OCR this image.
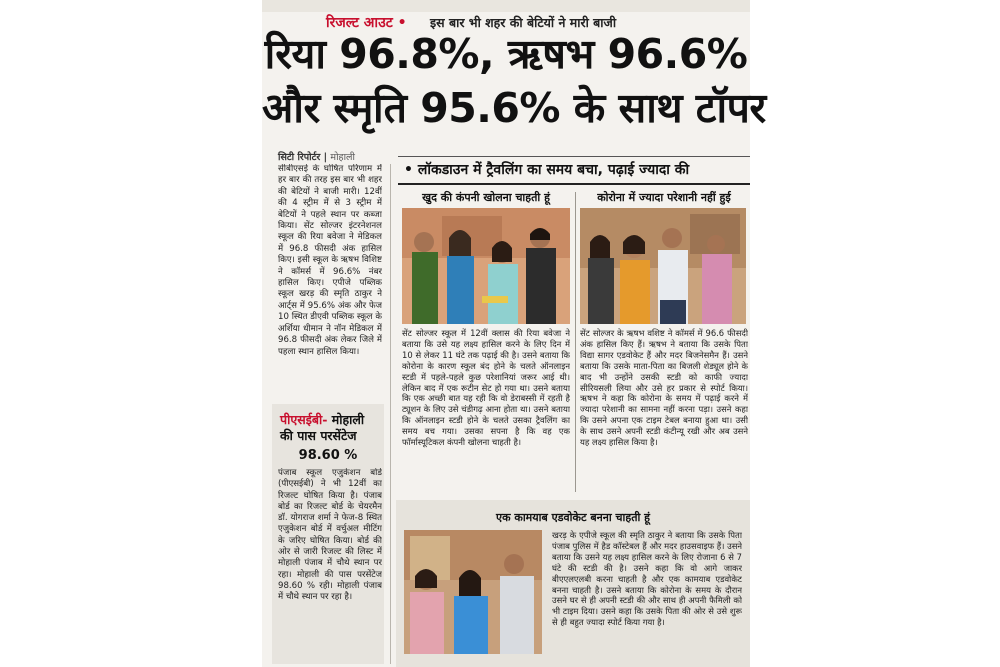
रिजल्ट आउट • इस बार भी शहर की बेटियों ने मारी बाजी
रिया 96.8%, ऋषभ 96.6%
और स्मृति 95.6% के साथ टॉपर
सिटी रिपोर्टर | मोहाली
सीबीएसई के घोषित परिणाम में हर बार की तरह इस बार भी शहर की बेटियों ने बाजी मारी। 12वीं की 4 स्ट्रीम में से 3 स्ट्रीम में बेटियों ने पहले स्थान पर कब्जा किया। सेंट सोल्जर इंटरनेशनल स्कूल की रिया बवेजा ने मेडिकल में 96.8 फीसदी अंक हासिल किए। इसी स्कूल के ऋषभ विशिष्ट ने कॉमर्स में 96.6% नंबर हासिल किए। एपीजे पब्लिक स्कूल खरड़ की स्मृति ठाकुर ने आर्ट्स में 95.6% अंक और फेज 10 स्थित डीएवी पब्लिक स्कूल के अर्शिया धीमान ने नॉन मेडिकल में 96.8 फीसदी अंक लेकर जिले में पहला स्थान हासिल किया।
पीएसईबी- मोहाली की पास परसेंटेज
98.60 %
पंजाब स्कूल एजुकेशन बोर्ड (पीएसईबी) ने भी 12वीं का रिजल्ट घोषित किया है। पंजाब बोर्ड का रिजल्ट बोर्ड के चेयरमैन डॉ. योगराज शर्मा ने फेज-8 स्थित एजुकेशन बोर्ड में वर्चुअल मीटिंग के जरिए घोषित किया। बोर्ड की ओर से जारी रिजल्ट की लिस्ट में मोहाली पंजाब में चौथे स्थान पर रहा। मोहाली की पास परसेंटेज 98.60 % रही। मोहाली पंजाब में चौथे स्थान पर रहा है।
• लॉकडाउन में ट्रैवलिंग का समय बचा, पढ़ाई ज्यादा की
खुद की कंपनी खोलना चाहती हूं
सेंट सोल्जर स्कूल में 12वीं क्लास की रिया बवेजा ने बताया कि उसे यह लक्ष्य हासिल करने के लिए दिन में 10 से लेकर 11 घंटे तक पढ़ाई की है। उसने बताया कि कोरोना के कारण स्कूल बंद होने के चलते ऑनलाइन स्टडी में पहले-पहले कुछ परेशानियां जरूर आई थी। लेकिन बाद में एक रूटीन सेट हो गया था। उसने बताया कि एक अच्छी बात यह रही कि वो डेराबस्सी में रहती है ट्यूशन के लिए उसे चंडीगढ़ आना होता था। उसने बताया कि ऑनलाइन स्टडी होने के चलते उसका ट्रैवलिंग का समय बच गया। उसका सपना है कि वह एक फॉर्मास्यूटिकल कंपनी खोलना चाहती है।
कोरोना में ज्यादा परेशानी नहीं हुई
सेंट सोल्जर के ऋषभ वशिष्ट ने कॉमर्स में 96.6 फीसदी अंक हासिल किए हैं। ऋषभ ने बताया कि उसके पिता विद्या सागर एडवोकेट हैं और मदर बिजनेसमैन हैं। उसने बताया कि उसके माता-पिता का बिजली शेड्यूल होने के बाद भी उन्होंने उसकी स्टडी को काफी ज्यादा सीरियसली लिया और उसे हर प्रकार से स्पोर्ट किया। ऋषभ ने कहा कि कोरोना के समय में पढ़ाई करने में ज्यादा परेशानी का सामना नहीं करना पड़ा। उसने कहा कि उसने अपना एक टाइम टेबल बनाया हुआ था। उसी के साथ उसने अपनी स्टडी कंटीन्यू रखी और अब उसने यह लक्ष्य हासिल किया है।
एक कामयाब एडवोकेट बनना चाहती हूं
खरड़ के एपीजे स्कूल की स्मृति ठाकुर ने बताया कि उसके पिता पंजाब पुलिस में हैड कॉस्टेबल हैं और मदर हाउसवाइफ हैं। उसने बताया कि उसने यह लक्ष्य हासिल करने के लिए रोजाना 6 से 7 घंटे की स्टडी की है। उसने कहा कि वो आगे जाकर बीएएलएलबी करना चाहती है और एक कामयाब एडवोकेट बनना चाहती है। उसने बताया कि कोरोना के समय के दौरान उसने घर से ही अपनी स्टडी की और साथ ही अपनी फैमिली को भी टाइम दिया। उसने कहा कि उसके पिता की ओर से उसे शुरू से ही बहुत ज्यादा स्पोर्ट किया गया है।
